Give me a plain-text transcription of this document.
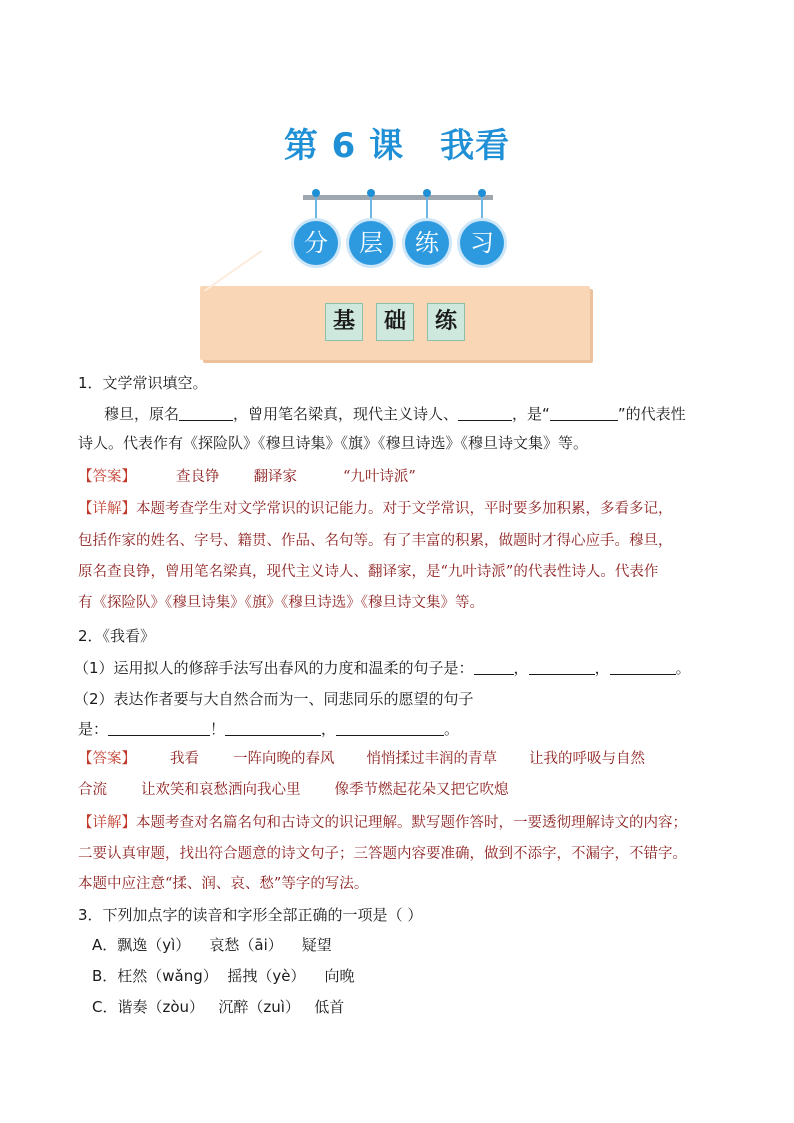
第 6 课 我看
分	层	练	习
基	础	练
1．文学常识填空。
穆旦，原名	，曾用笔名梁真，现代主义诗人、	，是“	”的代表性
诗人。代表作有《探险队》《穆旦诗集》《旗》《穆旦诗选》《穆旦诗文集》等。
【答案】	查良铮 翻译家	“九叶诗派”
【详解】本题考查学生对文学常识的识记能力。对于文学常识，平时要多加积累，多看多记，
包括作家的姓名、字号、籍贯、作品、名句等。有了丰富的积累，做题时才得心应手。穆旦，
原名查良铮，曾用笔名梁真，现代主义诗人、翻译家，是“九叶诗派”的代表性诗人。代表作
有《探险队》《穆旦诗集》《旗》《穆旦诗选》《穆旦诗文集》等。
2．《我看》
（1）运用拟人的修辞手法写出春风的力度和温柔的句子是：	，	，	。
（2）表达作者要与大自然合而为一、同悲同乐的愿望的句子
是：	！	，	。
【答案】 我看 一阵向晚的春风 悄悄揉过丰润的青草 让我的呼吸与自然
合流 让欢笑和哀愁洒向我心里 像季节燃起花朵又把它吹熄
【详解】本题考查对名篇名句和古诗文的识记理解。默写题作答时，一要透彻理解诗文的内容；
二要认真审题，找出符合题意的诗文句子；三答题内容要准确，做到不添字，不漏字，不错字。
本题中应注意“揉、润、哀、愁”等字的写法。
3．下列加点字的读音和字形全部正确的一项是（ ）
A．飘逸（yì）    哀愁（āi）    疑望
B．枉然（wǎng）  摇拽（yè）    向晚
C．谐奏（zòu）   沉醉（zuì）   低首
